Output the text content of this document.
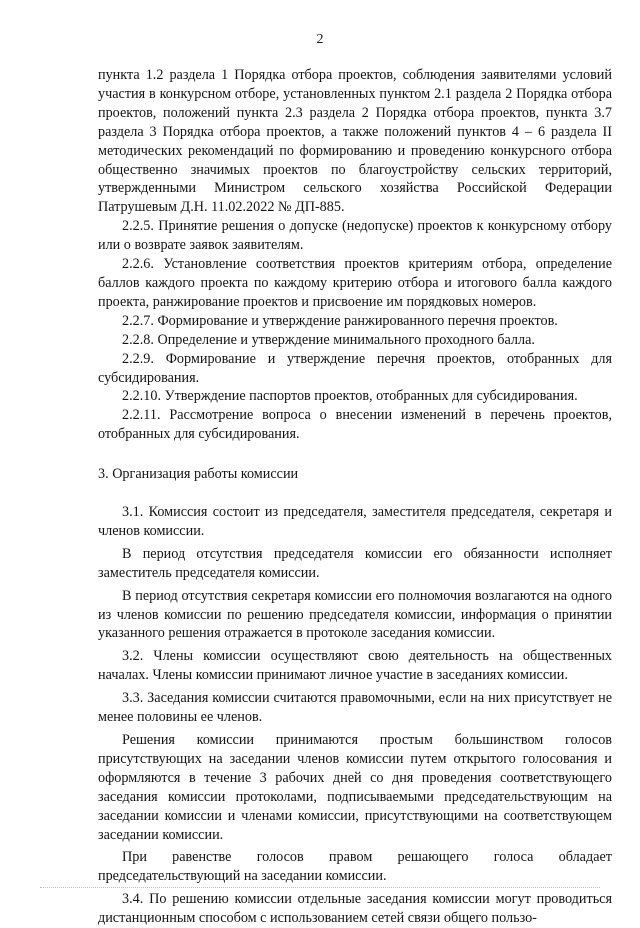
2

пункта 1.2 раздела 1 Порядка отбора проектов, соблюдения заявителями условий участия в конкурсном отборе, установленных пунктом 2.1 раздела 2 Порядка отбора проектов, положений пункта 2.3 раздела 2 Порядка отбора проектов, пункта 3.7 раздела 3 Порядка отбора проектов, а также положений пунктов 4 – 6 раздела II методических рекомендаций по формированию и проведению конкурсного отбора общественно значимых проектов по благоустройству сельских территорий, утвержденными Министром сельского хозяйства Российской Федерации Патрушевым Д.Н. 11.02.2022 № ДП-885.

2.2.5. Принятие решения о допуске (недопуске) проектов к конкурсному отбору или о возврате заявок заявителям.

2.2.6. Установление соответствия проектов критериям отбора, определение баллов каждого проекта по каждому критерию отбора и итогового балла каждого проекта, ранжирование проектов и присвоение им порядковых номеров.

2.2.7. Формирование и утверждение ранжированного перечня проектов.

2.2.8. Определение и утверждение минимального проходного балла.

2.2.9. Формирование и утверждение перечня проектов, отобранных для субсидирования.

2.2.10. Утверждение паспортов проектов, отобранных для субсидирования.

2.2.11. Рассмотрение вопроса о внесении изменений в перечень проектов, отобранных для субсидирования.

3. Организация работы комиссии

3.1. Комиссия состоит из председателя, заместителя председателя, секретаря и членов комиссии.

В период отсутствия председателя комиссии его обязанности исполняет заместитель председателя комиссии.

В период отсутствия секретаря комиссии его полномочия возлагаются на одного из членов комиссии по решению председателя комиссии, информация о принятии указанного решения отражается в протоколе заседания комиссии.

3.2. Члены комиссии осуществляют свою деятельность на общественных началах. Члены комиссии принимают личное участие в заседаниях комиссии.

3.3. Заседания комиссии считаются правомочными, если на них присутствует не менее половины ее членов.

Решения комиссии принимаются простым большинством голосов присутствующих на заседании членов комиссии путем открытого голосования и оформляются в течение 3 рабочих дней со дня проведения соответствующего заседания комиссии протоколами, подписываемыми председательствующим на заседании комиссии и членами комиссии, присутствующими на соответствующем заседании комиссии.

При равенстве голосов правом решающего голоса обладает председательствующий на заседании комиссии.

3.4. По решению комиссии отдельные заседания комиссии могут проводиться дистанционным способом с использованием сетей связи общего пользо-
